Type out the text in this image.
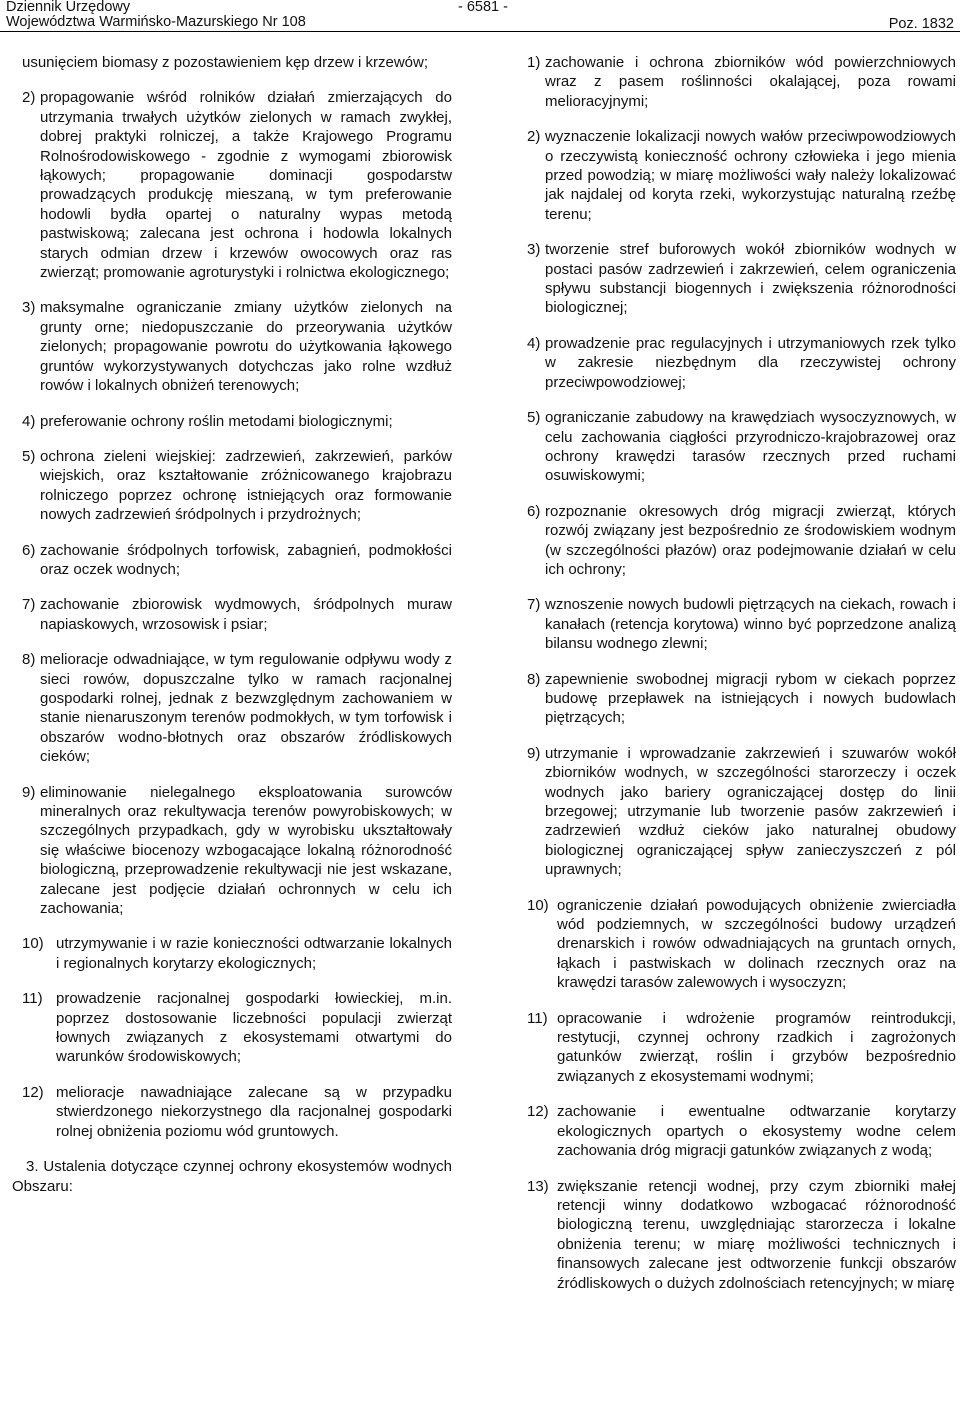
Dziennik Urzędowy
Województwa Warmińsko-Mazurskiego Nr 108
- 6581 -
Poz. 1832

usunięciem biomasy z pozostawieniem kęp drzew i krzewów;

2) propagowanie wśród rolników działań zmierzających do utrzymania trwałych użytków zielonych w ramach zwykłej, dobrej praktyki rolniczej, a także Krajowego Programu Rolnośrodowiskowego - zgodnie z wymogami zbiorowisk łąkowych; propagowanie dominacji gospodarstw prowadzących produkcję mieszaną, w tym preferowanie hodowli bydła opartej o naturalny wypas metodą pastwiskową; zalecana jest ochrona i hodowla lokalnych starych odmian drzew i krzewów owocowych oraz ras zwierząt; promowanie agroturystyki i rolnictwa ekologicznego;
3) maksymalne ograniczanie zmiany użytków zielonych na grunty orne; niedopuszczanie do przeorywania użytków zielonych; propagowanie powrotu do użytkowania łąkowego gruntów wykorzystywanych dotychczas jako rolne wzdłuż rowów i lokalnych obniżeń terenowych;
4) preferowanie ochrony roślin metodami biologicznymi;
5) ochrona zieleni wiejskiej: zadrzewień, zakrzewień, parków wiejskich, oraz kształtowanie zróżnicowanego krajobrazu rolniczego poprzez ochronę istniejących oraz formowanie nowych zadrzewień śródpolnych i przydrożnych;
6) zachowanie śródpolnych torfowisk, zabagnień, podmokłości oraz oczek wodnych;
7) zachowanie zbiorowisk wydmowych, śródpolnych muraw napiaskowych, wrzosowisk i psiar;
8) melioracje odwadniające, w tym regulowanie odpływu wody z sieci rowów, dopuszczalne tylko w ramach racjonalnej gospodarki rolnej, jednak z bezwzględnym zachowaniem w stanie nienaruszonym terenów podmokłych, w tym torfowisk i obszarów wodno-błotnych oraz obszarów źródliskowych cieków;
9) eliminowanie nielegalnego eksploatowania surowców mineralnych oraz rekultywacja terenów powyrobiskowych; w szczególnych przypadkach, gdy w wyrobisku ukształtowały się właściwe biocenozy wzbogacające lokalną różnorodność biologiczną, przeprowadzenie rekultywacji nie jest wskazane, zalecane jest podjęcie działań ochronnych w celu ich zachowania;
10) utrzymywanie i w razie konieczności odtwarzanie lokalnych i regionalnych korytarzy ekologicznych;
11) prowadzenie racjonalnej gospodarki łowieckiej, m.in. poprzez dostosowanie liczebności populacji zwierząt łownych związanych z ekosystemami otwartymi do warunków środowiskowych;
12) melioracje nawadniające zalecane są w przypadku stwierdzonego niekorzystnego dla racjonalnej gospodarki rolnej obniżenia poziomu wód gruntowych.

3. Ustalenia dotyczące czynnej ochrony ekosystemów wodnych Obszaru:

1) zachowanie i ochrona zbiorników wód powierzchniowych wraz z pasem roślinności okalającej, poza rowami melioracyjnymi;
2) wyznaczenie lokalizacji nowych wałów przeciwpowodziowych o rzeczywistą konieczność ochrony człowieka i jego mienia przed powodzią; w miarę możliwości wały należy lokalizować jak najdalej od koryta rzeki, wykorzystując naturalną rzeźbę terenu;
3) tworzenie stref buforowych wokół zbiorników wodnych w postaci pasów zadrzewień i zakrzewień, celem ograniczenia spływu substancji biogennych i zwiększenia różnorodności biologicznej;
4) prowadzenie prac regulacyjnych i utrzymaniowych rzek tylko w zakresie niezbędnym dla rzeczywistej ochrony przeciwpowodziowej;
5) ograniczanie zabudowy na krawędziach wysoczyznowych, w celu zachowania ciągłości przyrodniczo-krajobrazowej oraz ochrony krawędzi tarasów rzecznych przed ruchami osuwiskowymi;
6) rozpoznanie okresowych dróg migracji zwierząt, których rozwój związany jest bezpośrednio ze środowiskiem wodnym (w szczególności płazów) oraz podejmowanie działań w celu ich ochrony;
7) wznoszenie nowych budowli piętrzących na ciekach, rowach i kanałach (retencja korytowa) winno być poprzedzone analizą bilansu wodnego zlewni;
8) zapewnienie swobodnej migracji rybom w ciekach poprzez budowę przepławek na istniejących i nowych budowlach piętrzących;
9) utrzymanie i wprowadzanie zakrzewień i szuwarów wokół zbiorników wodnych, w szczególności starorzeczy i oczek wodnych jako bariery ograniczającej dostęp do linii brzegowej; utrzymanie lub tworzenie pasów zakrzewień i zadrzewień wzdłuż cieków jako naturalnej obudowy biologicznej ograniczającej spływ zanieczyszczeń z pól uprawnych;
10) ograniczenie działań powodujących obniżenie zwierciadła wód podziemnych, w szczególności budowy urządzeń drenarskich i rowów odwadniających na gruntach ornych, łąkach i pastwiskach w dolinach rzecznych oraz na krawędzi tarasów zalewowych i wysoczyzn;
11) opracowanie i wdrożenie programów reintrodukcji, restytucji, czynnej ochrony rzadkich i zagrożonych gatunków zwierząt, roślin i grzybów bezpośrednio związanych z ekosystemami wodnymi;
12) zachowanie i ewentualne odtwarzanie korytarzy ekologicznych opartych o ekosystemy wodne celem zachowania dróg migracji gatunków związanych z wodą;
13) zwiększanie retencji wodnej, przy czym zbiorniki małej retencji winny dodatkowo wzbogacać różnorodność biologiczną terenu, uwzględniając starorzecza i lokalne obniżenia terenu; w miarę możliwości technicznych i finansowych zalecane jest odtworzenie funkcji obszarów źródliskowych o dużych zdolnościach retencyjnych; w miarę
